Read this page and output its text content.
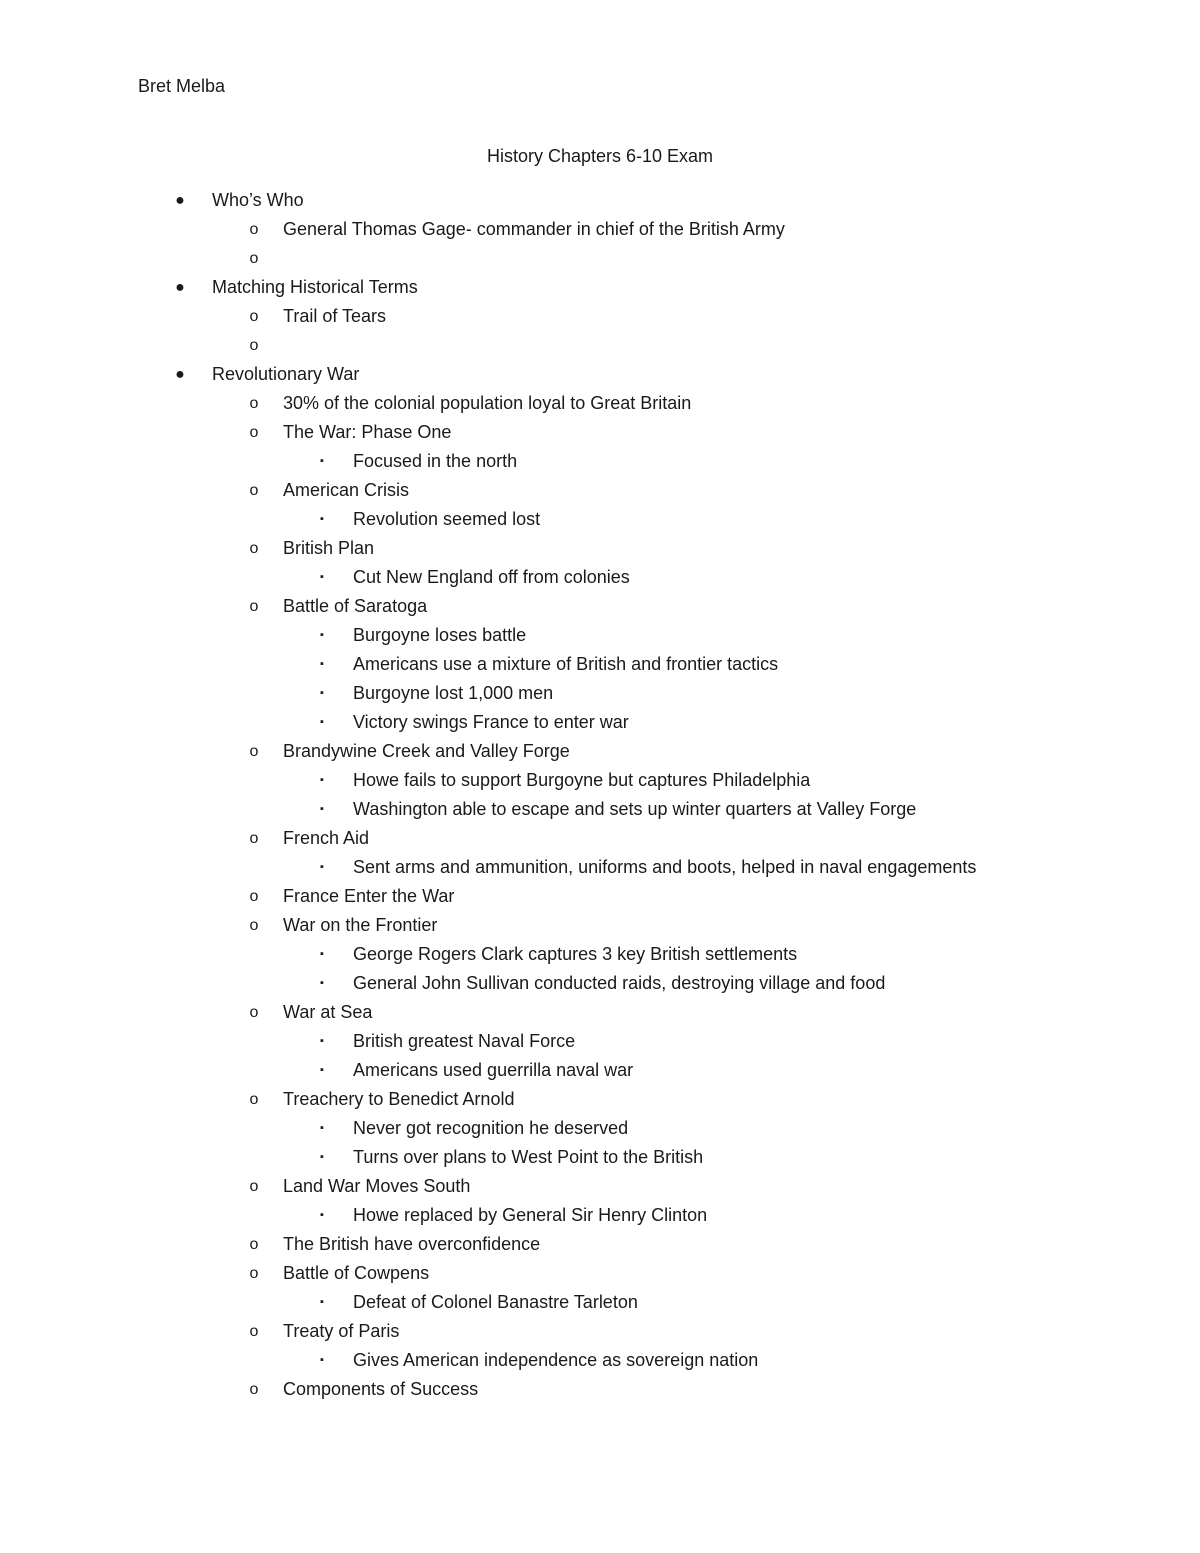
Bret Melba
History Chapters 6-10 Exam
● Who’s Who
o General Thomas Gage- commander in chief of the British Army
o
● Matching Historical Terms
o Trail of Tears
o
● Revolutionary War
o 30% of the colonial population loyal to Great Britain
o The War: Phase One
▪	Focused in the north
o American Crisis
▪	Revolution seemed lost
o British Plan
▪	Cut New England off from colonies
o Battle of Saratoga
▪	Burgoyne loses battle
▪	Americans use a mixture of British and frontier tactics
▪	Burgoyne lost 1,000 men
▪	Victory swings France to enter war
o Brandywine Creek and Valley Forge
▪	Howe fails to support Burgoyne but captures Philadelphia
▪	Washington able to escape and sets up winter quarters at Valley Forge
o French Aid
▪	Sent arms and ammunition, uniforms and boots, helped in naval engagements
o France Enter the War
o War on the Frontier
▪	George Rogers Clark captures 3 key British settlements
▪	General John Sullivan conducted raids, destroying village and food
o War at Sea
▪	British greatest Naval Force
▪	Americans used guerrilla naval war
o Treachery to Benedict Arnold
▪	Never got recognition he deserved
▪	Turns over plans to West Point to the British
o Land War Moves South
▪	Howe replaced by General Sir Henry Clinton
o The British have overconfidence
o Battle of Cowpens
▪	Defeat of Colonel Banastre Tarleton
o Treaty of Paris
▪	Gives American independence as sovereign nation
o Components of Success
